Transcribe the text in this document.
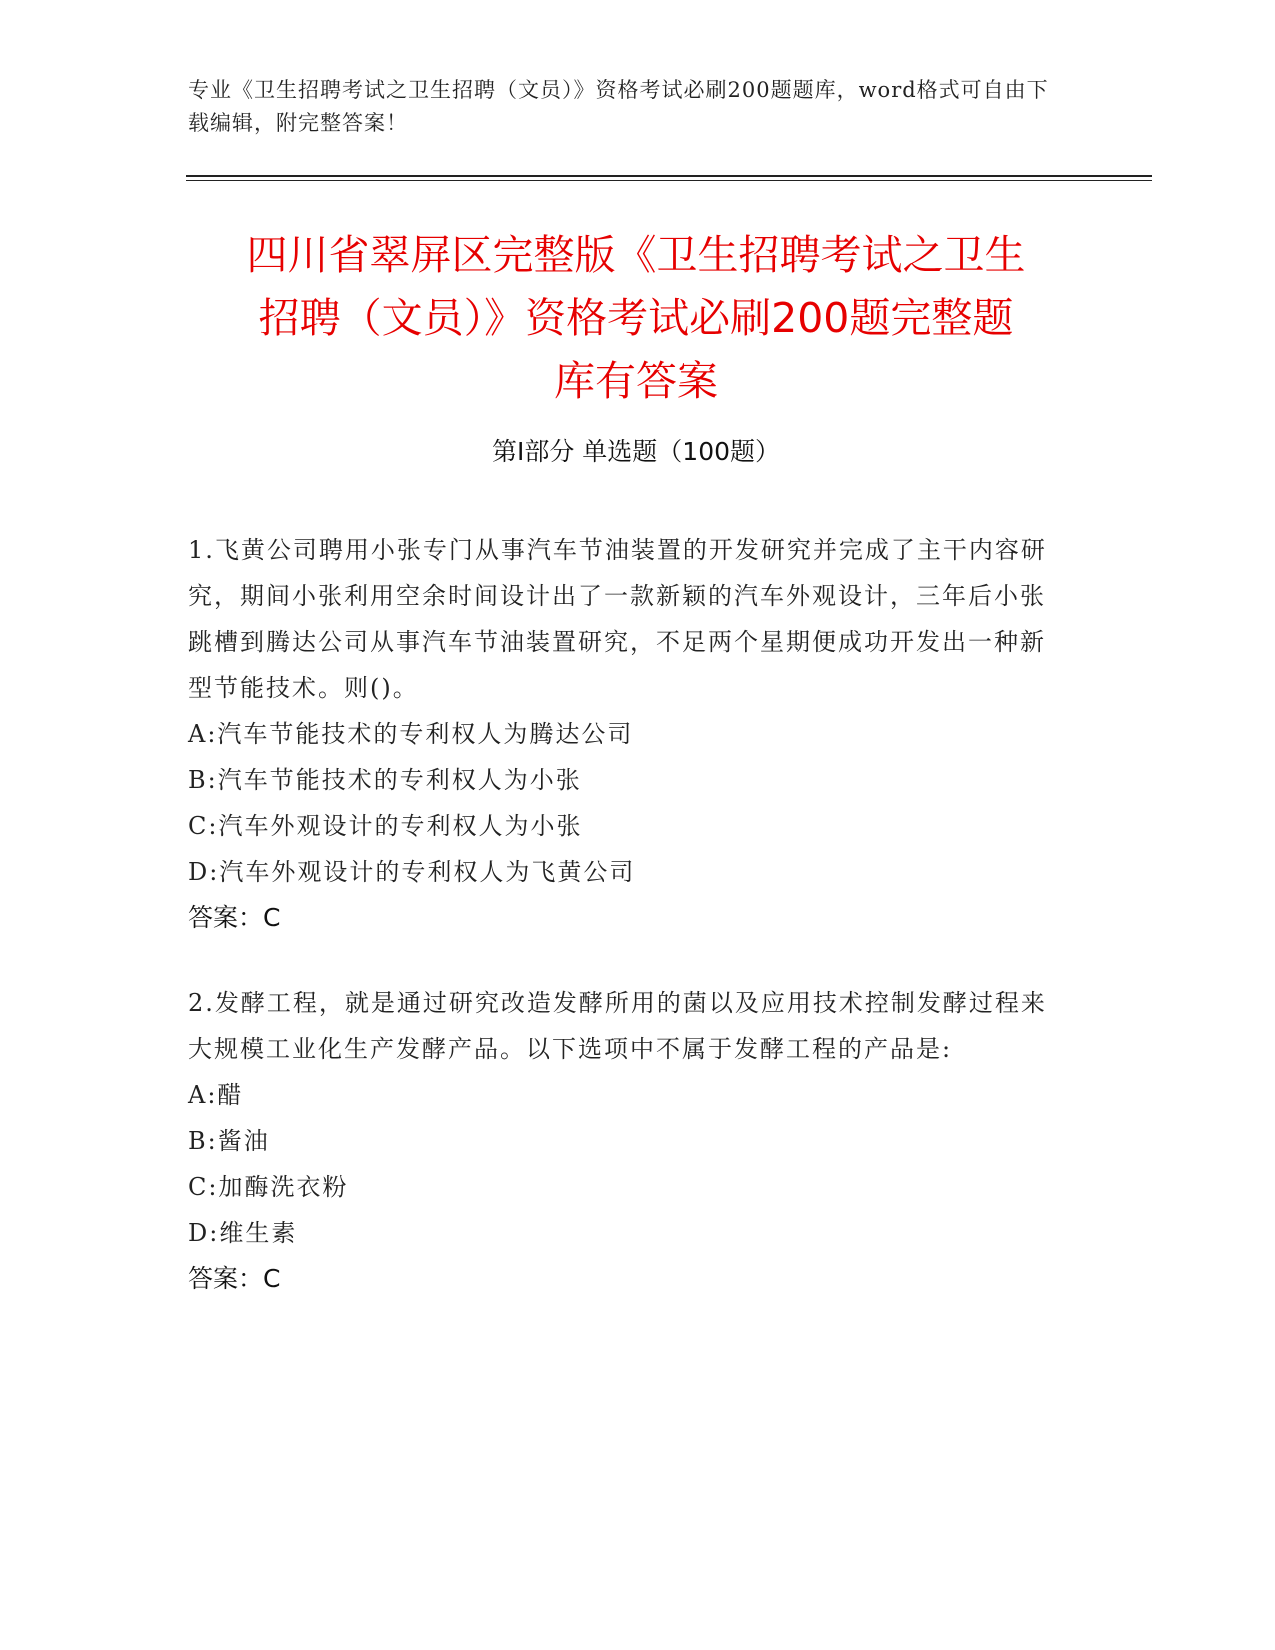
专业《卫生招聘考试之卫生招聘（文员）》资格考试必刷200题题库，word格式可自由下载编辑，附完整答案！
四川省翠屏区完整版《卫生招聘考试之卫生
招聘（文员）》资格考试必刷200题完整题
库有答案
第Ⅰ部分 单选题（100题）
1.飞黄公司聘用小张专门从事汽车节油装置的开发研究并完成了主干内容研究，期间小张利用空余时间设计出了一款新颖的汽车外观设计，三年后小张跳槽到腾达公司从事汽车节油装置研究，不足两个星期便成功开发出一种新型节能技术。则()。
A:汽车节能技术的专利权人为腾达公司
B:汽车节能技术的专利权人为小张
C:汽车外观设计的专利权人为小张
D:汽车外观设计的专利权人为飞黄公司
答案：C
2.发酵工程，就是通过研究改造发酵所用的菌以及应用技术控制发酵过程来大规模工业化生产发酵产品。以下选项中不属于发酵工程的产品是:
A:醋
B:酱油
C:加酶洗衣粉
D:维生素
答案：C
